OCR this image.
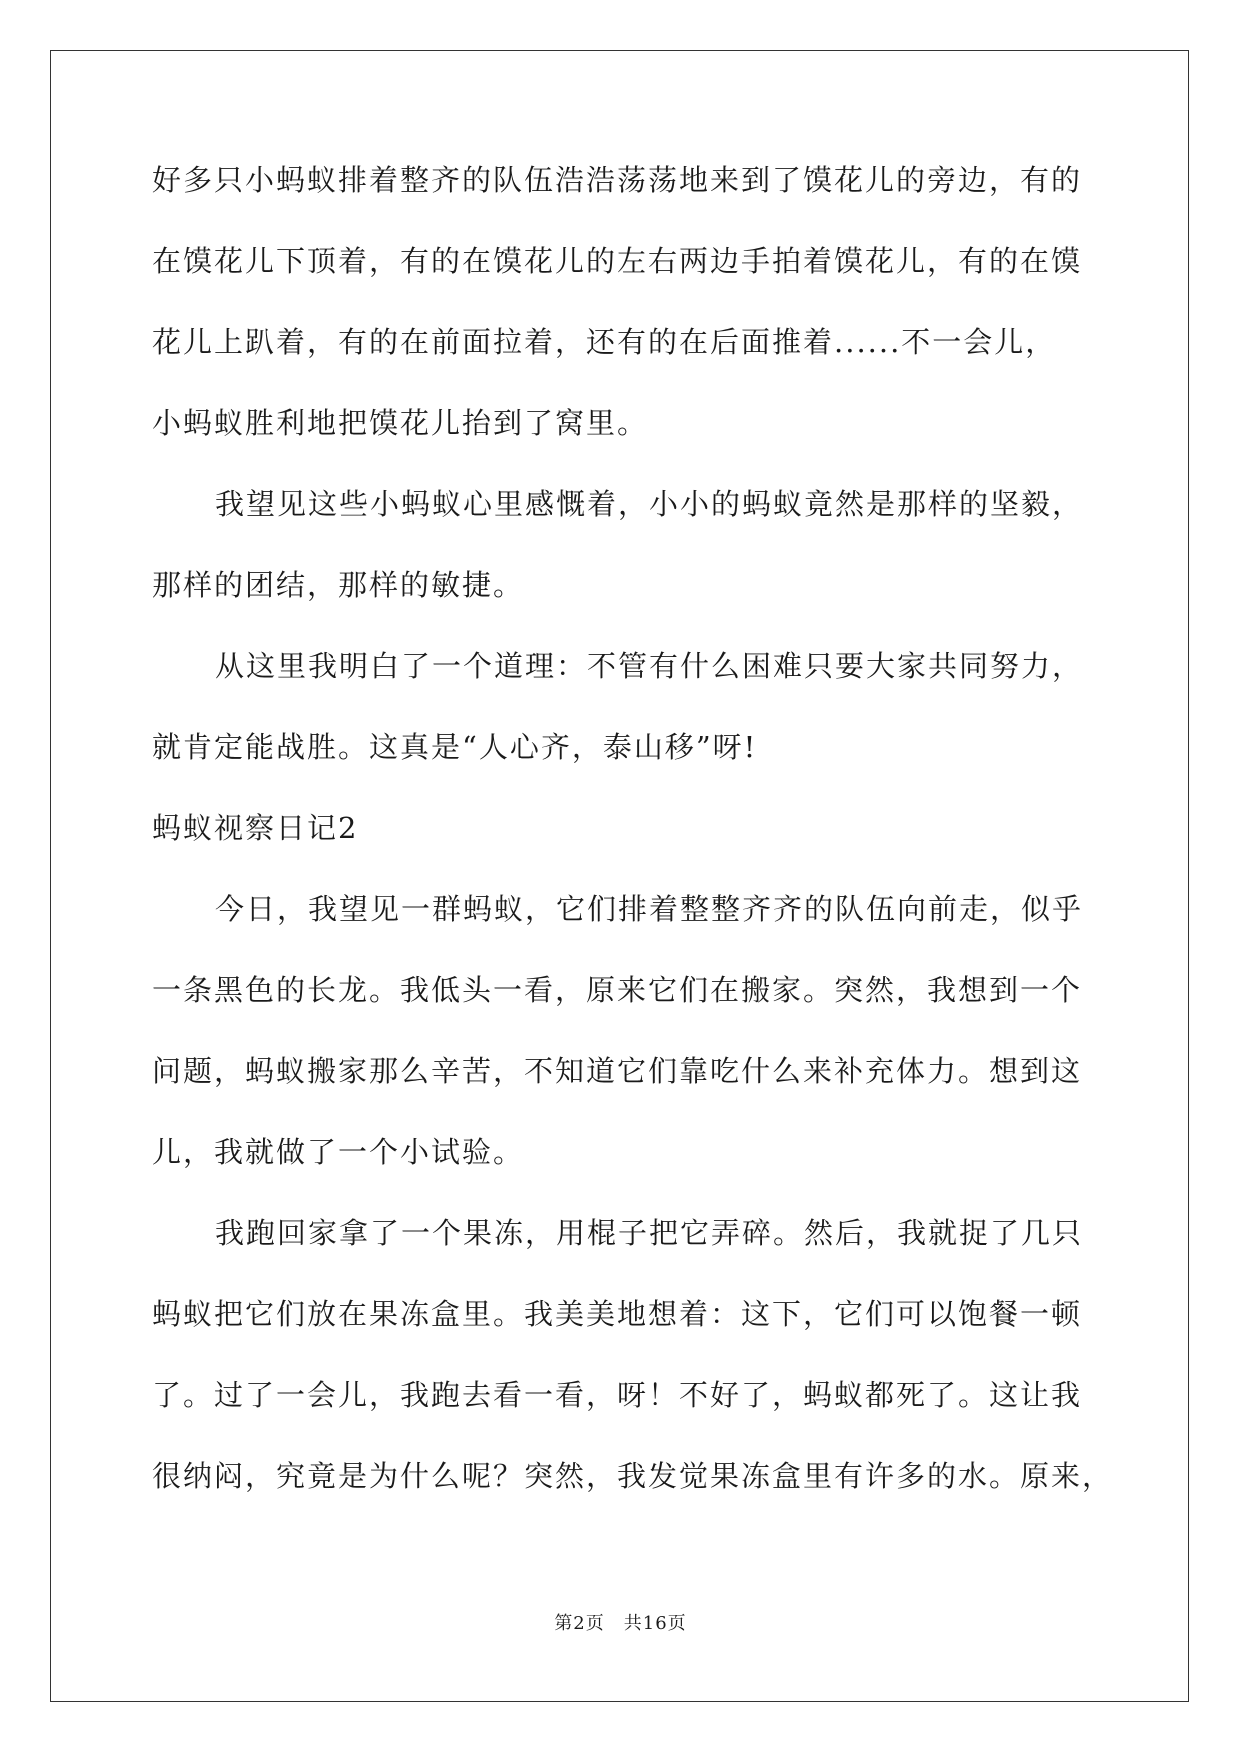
好多只小蚂蚁排着整齐的队伍浩浩荡荡地来到了馍花儿的旁边，有的
在馍花儿下顶着，有的在馍花儿的左右两边手拍着馍花儿，有的在馍
花儿上趴着，有的在前面拉着，还有的在后面推着......不一会儿，
小蚂蚁胜利地把馍花儿抬到了窝里。
我望见这些小蚂蚁心里感慨着，小小的蚂蚁竟然是那样的坚毅，
那样的团结，那样的敏捷。
从这里我明白了一个道理：不管有什么困难只要大家共同努力，
就肯定能战胜。这真是“人心齐，泰山移”呀!
蚂蚁视察日记2
今日，我望见一群蚂蚁，它们排着整整齐齐的队伍向前走，似乎
一条黑色的长龙。我低头一看，原来它们在搬家。突然，我想到一个
问题，蚂蚁搬家那么辛苦，不知道它们靠吃什么来补充体力。想到这
儿，我就做了一个小试验。
我跑回家拿了一个果冻，用棍子把它弄碎。然后，我就捉了几只
蚂蚁把它们放在果冻盒里。我美美地想着：这下，它们可以饱餐一顿
了。过了一会儿，我跑去看一看，呀！不好了，蚂蚁都死了。这让我
很纳闷，究竟是为什么呢？突然，我发觉果冻盒里有许多的水。原来，
第2页　共16页
